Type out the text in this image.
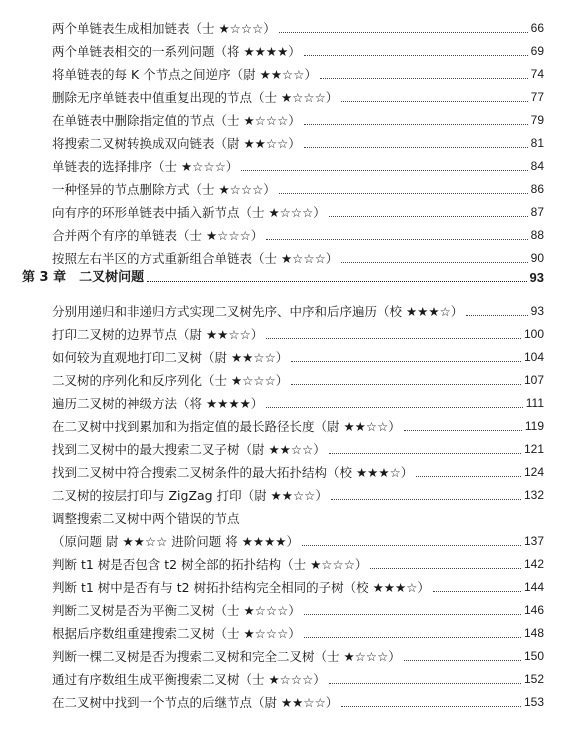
两个单链表生成相加链表（士 ★☆☆☆）	66
两个单链表相交的一系列问题（将 ★★★★）	69
将单链表的每 K 个节点之间逆序（尉 ★★☆☆）	74
删除无序单链表中值重复出现的节点（士 ★☆☆☆）	77
在单链表中删除指定值的节点（士 ★☆☆☆）	79
将搜索二叉树转换成双向链表（尉 ★★☆☆）	81
单链表的选择排序（士 ★☆☆☆）	84
一种怪异的节点删除方式（士 ★☆☆☆）	86
向有序的环形单链表中插入新节点（士 ★☆☆☆）	87
合并两个有序的单链表（士 ★☆☆☆）	88
按照左右半区的方式重新组合单链表（士 ★☆☆☆）	90
第 3 章　二叉树问题	93
分别用递归和非递归方式实现二叉树先序、中序和后序遍历（校 ★★★☆）	93
打印二叉树的边界节点（尉 ★★☆☆）	100
如何较为直观地打印二叉树（尉 ★★☆☆）	104
二叉树的序列化和反序列化（士 ★☆☆☆）	107
遍历二叉树的神级方法（将 ★★★★）	111
在二叉树中找到累加和为指定值的最长路径长度（尉 ★★☆☆）	119
找到二叉树中的最大搜索二叉子树（尉 ★★☆☆）	121
找到二叉树中符合搜索二叉树条件的最大拓扑结构（校 ★★★☆）	124
二叉树的按层打印与 ZigZag 打印（尉 ★★☆☆）	132
调整搜索二叉树中两个错误的节点
（原问题 尉 ★★☆☆ 进阶问题 将 ★★★★）	137
判断 t1 树是否包含 t2 树全部的拓扑结构（士 ★☆☆☆）	142
判断 t1 树中是否有与 t2 树拓扑结构完全相同的子树（校 ★★★☆）	144
判断二叉树是否为平衡二叉树（士 ★☆☆☆）	146
根据后序数组重建搜索二叉树（士 ★☆☆☆）	148
判断一棵二叉树是否为搜索二叉树和完全二叉树（士 ★☆☆☆）	150
通过有序数组生成平衡搜索二叉树（士 ★☆☆☆）	152
在二叉树中找到一个节点的后继节点（尉 ★★☆☆）	153
